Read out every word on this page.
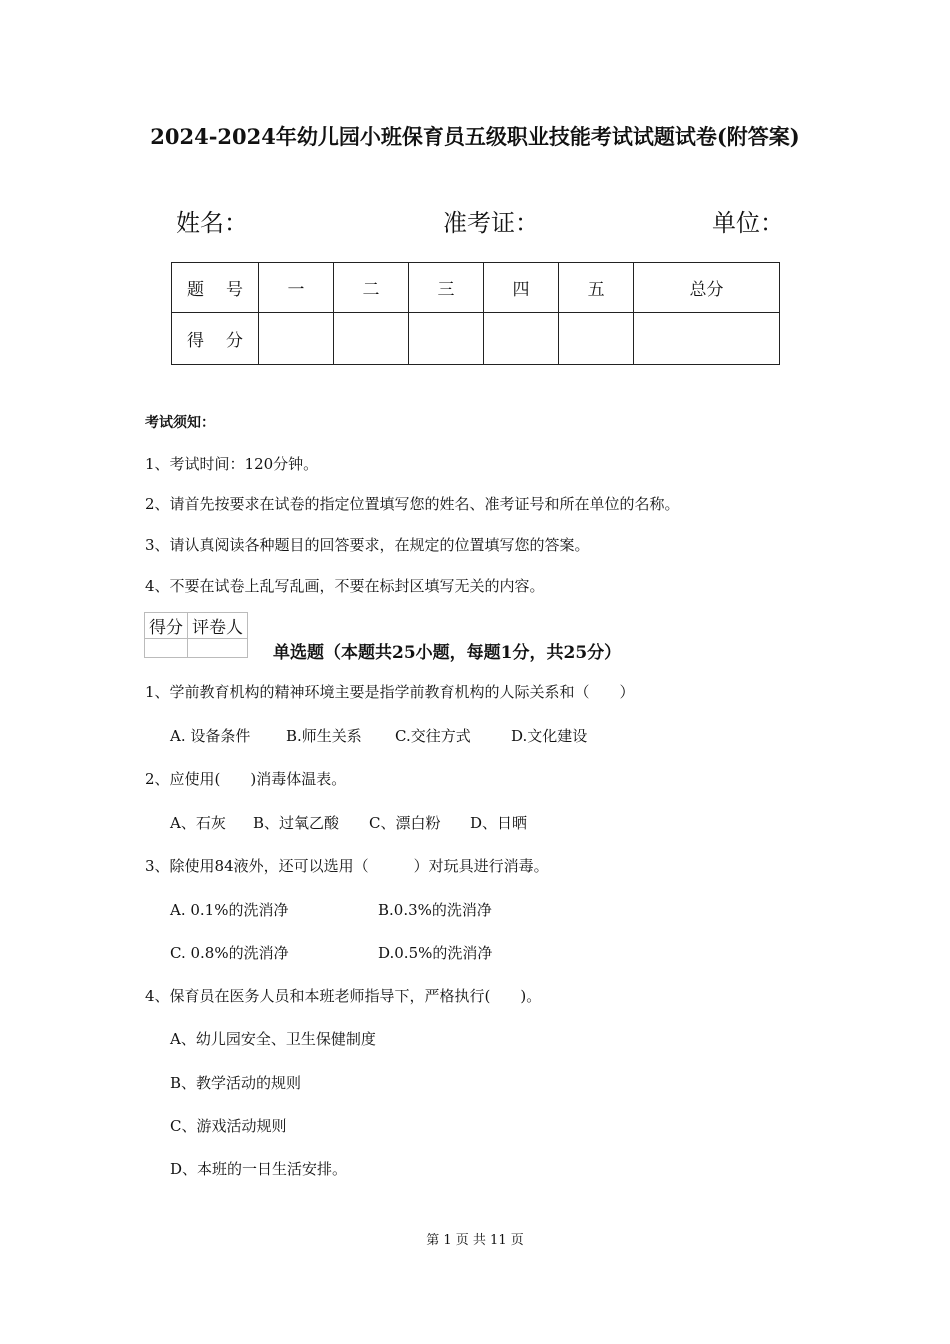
2024-2024年幼儿园小班保育员五级职业技能考试试题试卷(附答案)
姓名：	准考证：	单位：
题 号	一	二	三	四	五	总分
得 分						
考试须知：
1、考试时间：120分钟。
2、请首先按要求在试卷的指定位置填写您的姓名、准考证号和所在单位的名称。
3、请认真阅读各种题目的回答要求，在规定的位置填写您的答案。
4、不要在试卷上乱写乱画，不要在标封区填写无关的内容。
得分	评卷人

单选题（本题共25小题，每题1分，共25分）
1、学前教育机构的精神环境主要是指学前教育机构的人际关系和（　　）
A. 设备条件 B.师生关系 C.交往方式	D.文化建设
2、应使用(　　)消毒体温表。
A、石灰 B、过氧乙酸 C、漂白粉 D、日晒
3、除使用84液外，还可以选用（　　　）对玩具进行消毒。
A. 0.1%的洗消净	B.0.3%的洗消净
C. 0.8%的洗消净	D.0.5%的洗消净
4、保育员在医务人员和本班老师指导下，严格执行(　　)。
A、幼儿园安全、卫生保健制度
B、教学活动的规则
C、游戏活动规则
D、本班的一日生活安排。
第 1 页 共 11 页
